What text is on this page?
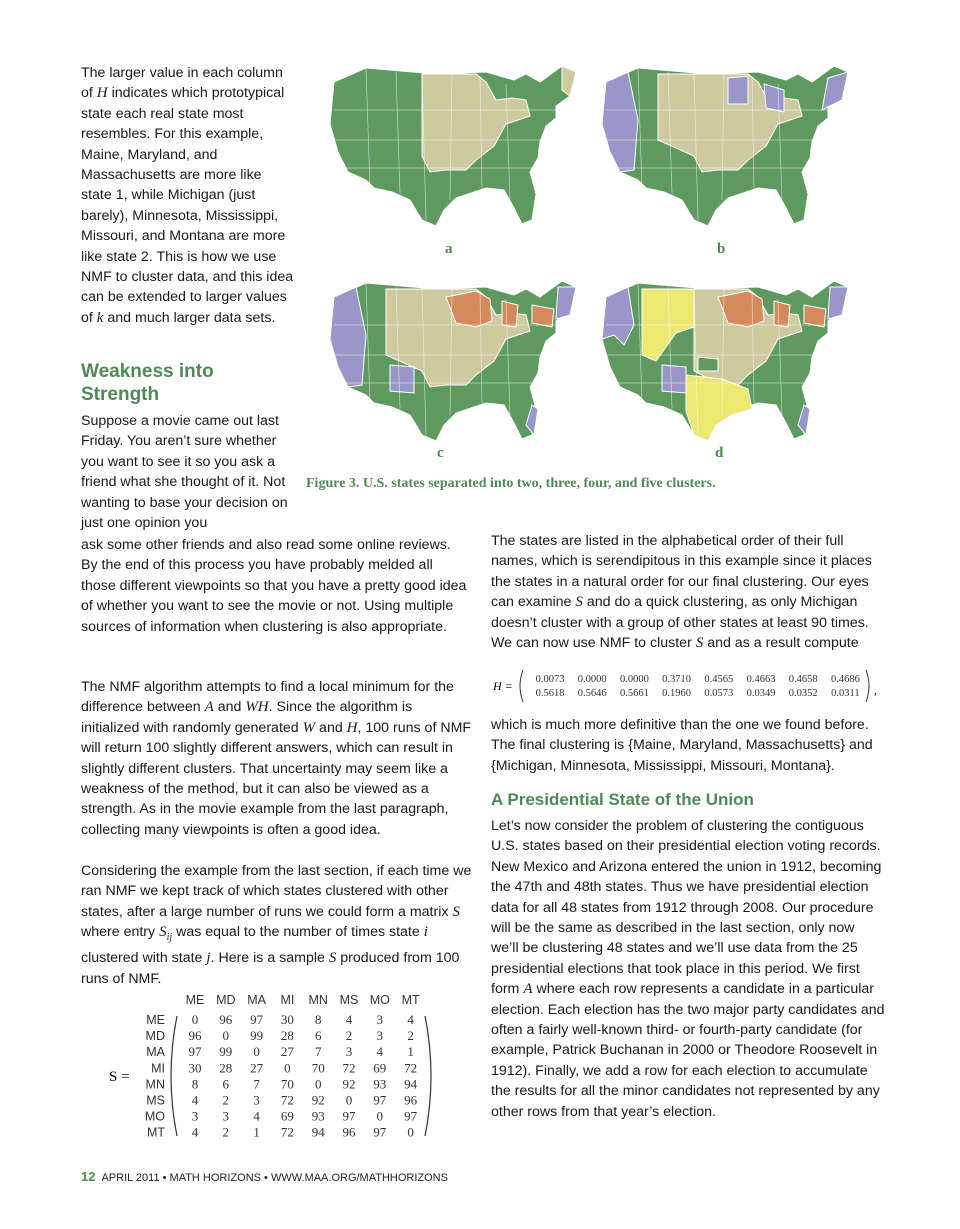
The larger value in each column of H indicates which prototypical state each real state most resembles. For this example, Maine, Maryland, and Massachusetts are more like state 1, while Michigan (just barely), Minnesota, Mississippi, Missouri, and Montana are more like state 2. This is how we use NMF to cluster data, and this idea can be extended to larger values of k and much larger data sets.

Weakness into Strength

Suppose a movie came out last Friday. You aren’t sure whether you want to see it so you ask a friend what she thought of it. Not wanting to base your decision on just one opinion you

ask some other friends and also read some online reviews. By the end of this process you have probably melded all those different viewpoints so that you have a pretty good idea of whether you want to see the movie or not. Using multiple sources of information when clustering is also appropriate.

The NMF algorithm attempts to find a local minimum for the difference between A and WH. Since the algorithm is initialized with randomly generated W and H, 100 runs of NMF will return 100 slightly different answers, which can result in slightly different clusters. That uncertainty may seem like a weakness of the method, but it can also be viewed as a strength. As in the movie example from the last paragraph, collecting many viewpoints is often a good idea.

Considering the example from the last section, if each time we ran NMF we kept track of which states clustered with other states, after a large number of runs we could form a matrix S where entry $S_{ij}$ was equal to the number of times state i clustered with state j. Here is a sample S produced from 100 runs of NMF.

ME MD MA MI MN MS MO MT
ME
MD
MA
MI
MN
MS
MO
MT
0 96 97 30 8 4 3 4
96 0 99 28 6 2 3 2
97 99 0 27 7 3 4 1
30 28 27 0 70 72 69 72
8 6 7 70 0 92 93 94
4 2 3 72 92 0 97 96
3 3 4 69 93 97 0 97
4 2 1 72 94 96 97 0
S =
a	b
c	d
Figure 3. U.S. states separated into two, three, four, and five clusters.

The states are listed in the alphabetical order of their full names, which is serendipitous in this example since it places the states in a natural order for our final clustering. Our eyes can examine S and do a quick clustering, as only Michigan doesn’t cluster with a group of other states at least 90 times. We can now use NMF to cluster S and as a result compute

H = 0.0073 0.0000 0.0000 0.3710 0.4565 0.4663 0.4658 0.4686
0.5618 0.5646 0.5661 0.1960 0.0573 0.0349 0.0352 0.0311 ,

which is much more definitive than the one we found before. The final clustering is {Maine, Maryland, Massachusetts} and {Michigan, Minnesota, Mississippi, Missouri, Montana}.

A Presidential State of the Union

Let’s now consider the problem of clustering the contiguous U.S. states based on their presidential election voting records. New Mexico and Arizona entered the union in 1912, becoming the 47th and 48th states. Thus we have presidential election data for all 48 states from 1912 through 2008. Our procedure will be the same as described in the last section, only now we’ll be clustering 48 states and we’ll use data from the 25 presidential elections that took place in this period. We first form A where each row represents a candidate in a particular election. Each election has the two major party candidates and often a fairly well-known third- or fourth-party candidate (for example, Patrick Buchanan in 2000 or Theodore Roosevelt in 1912). Finally, we add a row for each election to accumulate the results for all the minor candidates not represented by any other rows from that year’s election.

12 APRIL 2011 • MATH HORIZONS • WWW.MAA.ORG/MATHHORIZONS
